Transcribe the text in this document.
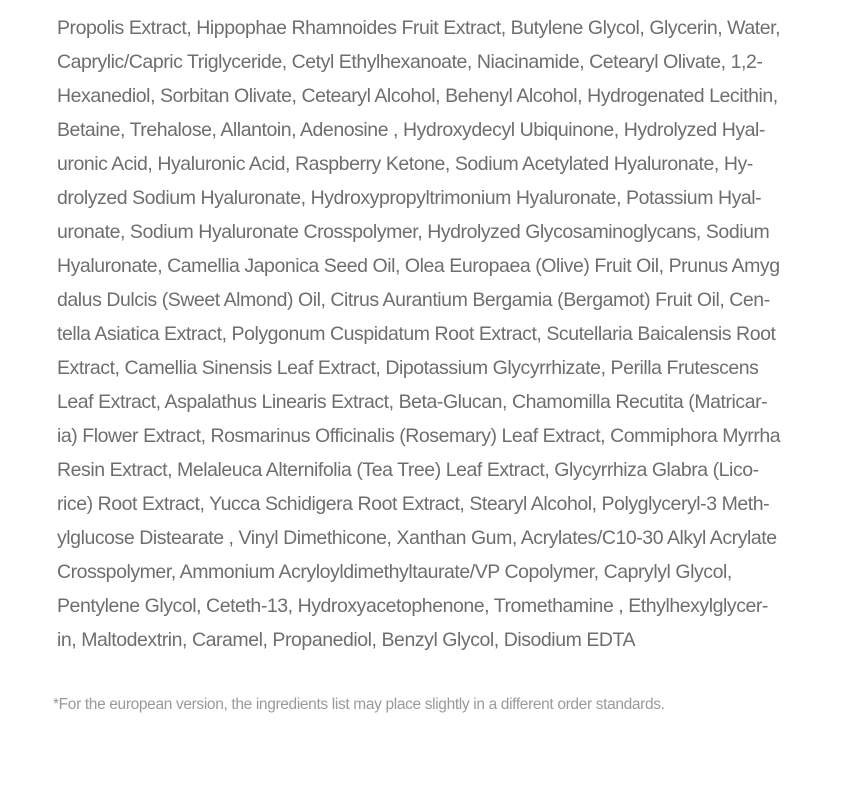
Propolis Extract, Hippophae Rhamnoides Fruit Extract, Butylene Glycol, Glycerin, Water,
Caprylic/Capric Triglyceride, Cetyl Ethylhexanoate, Niacinamide, Cetearyl Olivate, 1,2-
Hexanediol, Sorbitan Olivate, Cetearyl Alcohol, Behenyl Alcohol, Hydrogenated Lecithin,
Betaine, Trehalose, Allantoin, Adenosine , Hydroxydecyl Ubiquinone, Hydrolyzed Hyal-
uronic Acid, Hyaluronic Acid, Raspberry Ketone, Sodium Acetylated Hyaluronate, Hy-
drolyzed Sodium Hyaluronate, Hydroxypropyltrimonium Hyaluronate, Potassium Hyal-
uronate, Sodium Hyaluronate Crosspolymer, Hydrolyzed Glycosaminoglycans, Sodium
Hyaluronate, Camellia Japonica Seed Oil, Olea Europaea (Olive) Fruit Oil, Prunus Amyg
dalus Dulcis (Sweet Almond) Oil, Citrus Aurantium Bergamia (Bergamot) Fruit Oil, Cen-
tella Asiatica Extract, Polygonum Cuspidatum Root Extract, Scutellaria Baicalensis Root
Extract, Camellia Sinensis Leaf Extract, Dipotassium Glycyrrhizate, Perilla Frutescens
Leaf Extract, Aspalathus Linearis Extract, Beta-Glucan, Chamomilla Recutita (Matricar-
ia) Flower Extract, Rosmarinus Officinalis (Rosemary) Leaf Extract, Commiphora Myrrha
Resin Extract, Melaleuca Alternifolia (Tea Tree) Leaf Extract, Glycyrrhiza Glabra (Lico-
rice) Root Extract, Yucca Schidigera Root Extract, Stearyl Alcohol, Polyglyceryl-3 Meth-
ylglucose Distearate , Vinyl Dimethicone, Xanthan Gum, Acrylates/C10-30 Alkyl Acrylate
Crosspolymer, Ammonium Acryloyldimethyltaurate/VP Copolymer, Caprylyl Glycol,
Pentylene Glycol, Ceteth-13, Hydroxyacetophenone, Tromethamine , Ethylhexylglycer-
in, Maltodextrin, Caramel, Propanediol, Benzyl Glycol, Disodium EDTA

*For the european version, the ingredients list may place slightly in a different order standards.
